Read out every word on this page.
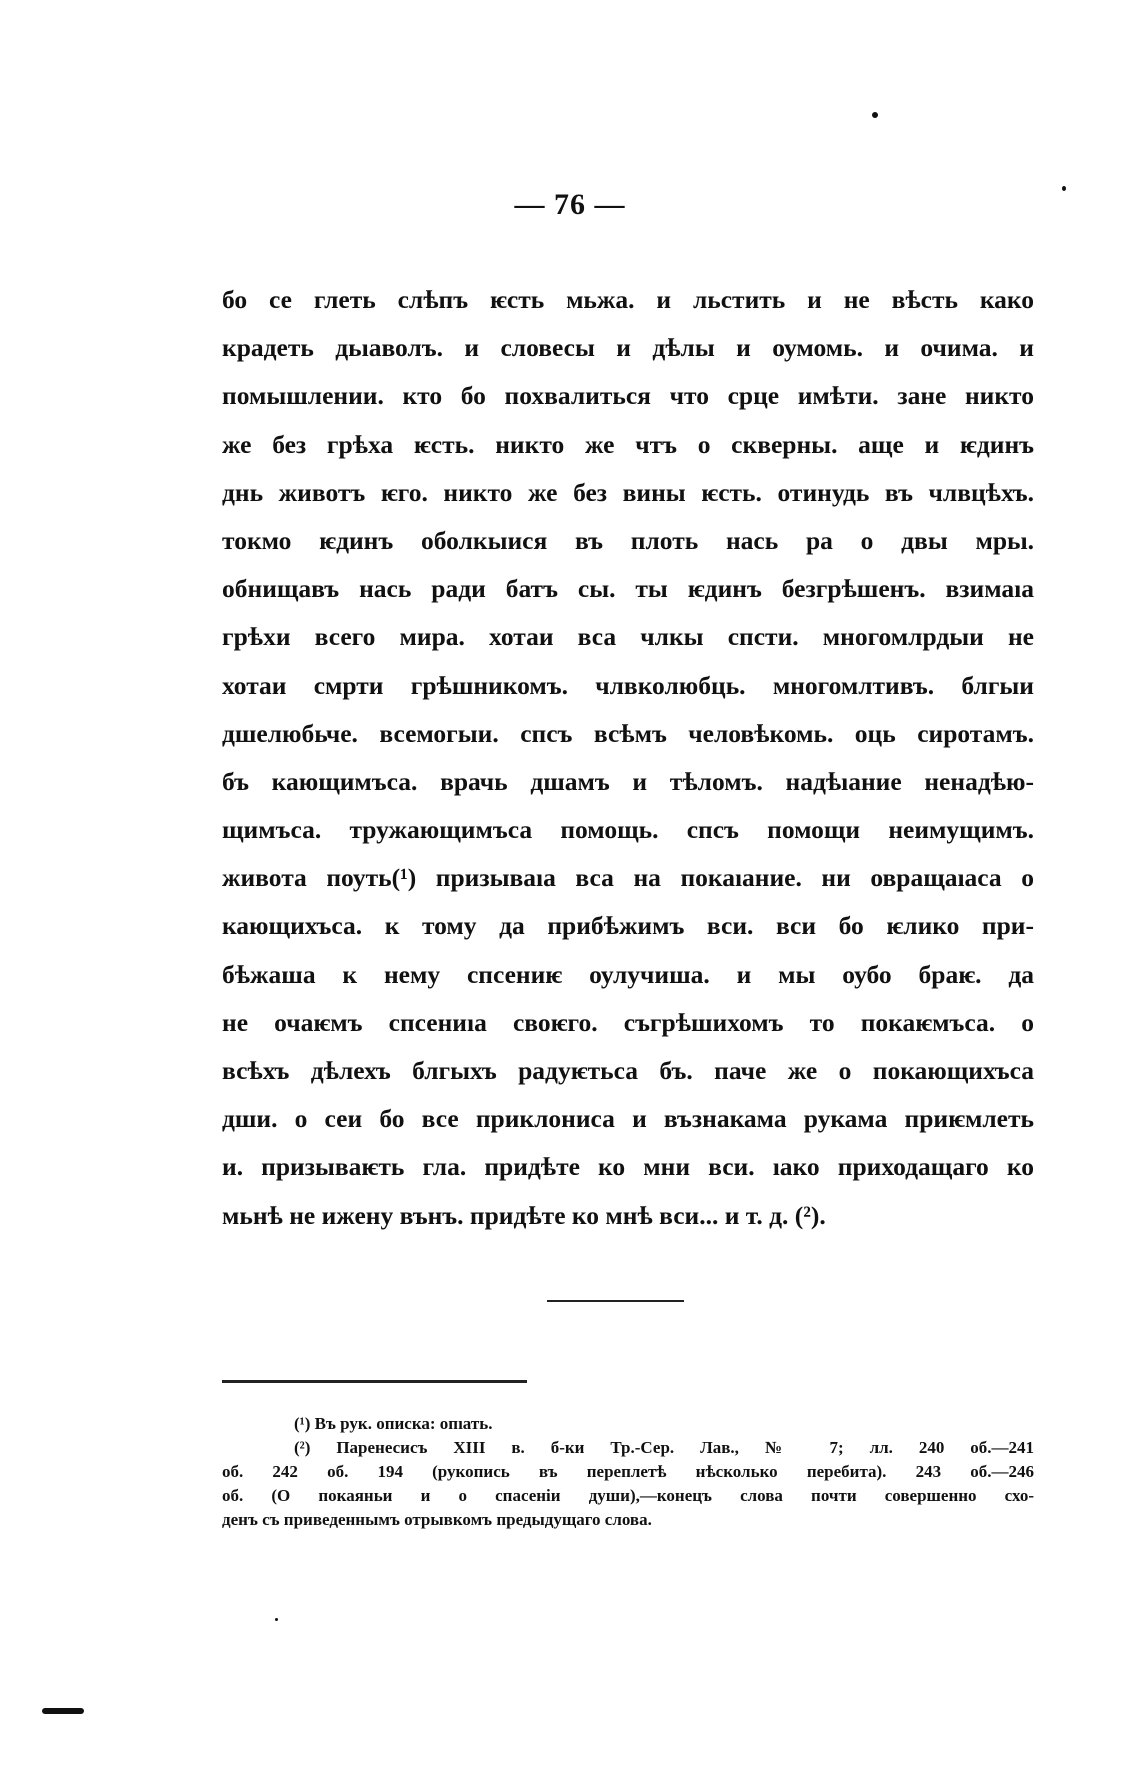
— 76 —
бо се глеть слѣпъ ѥсть мьжа. и льстить и не вѣсть како
крадеть дьıаволъ. и словесы и дѣлы и оумомь. и очима. и
помышлении. кто бо похвалиться что срце имѣти. зане никто
же без грѣха ѥсть. никто же чтъ о скверны. аще и ѥдинъ
днь животъ ѥго. никто же без вины ѥсть. отинудь въ члвцѣхъ.
токмо ѥдинъ оболкыися въ плоть нась ра о двы мрьı.
обнищавъ нась ради батъ сы. ты ѥдинъ безгрѣшенъ. взимаıа
грѣхи всего мира. хотаи вса члкы спсти. многомлрдыи не
хотаи смрти грѣшникомъ. члвколюбць. многомлтивъ. блгыи
дшелюбьче. всемогыи. спсъ всѣмъ человѣкомь. оць сиротамъ.
бъ кающимъса. врачь дшамъ и тѣломъ. надѣıание ненадѣю-
щимъса. тружающимъса помощь. спсъ помощи неимущимъ.
живота поуть(¹) призываıа вса на покаıание. ни овращаıаса о
кающихъса. к тому да прибѣжимъ вси. вси бо ѥлико при-
бѣжаша к нему спсениѥ оулучиша. и мы оубо браѥ. да
не очаѥмъ спсениıа своѥго. съгрѣшихомъ то покаѥмъса. о
всѣхъ дѣлехъ блгыхъ радуѥтьса бъ. паче же о покающихъса
дши. о сеи бо все приклониса и възнакама рукама приѥмлеть
и. призываѥть гла. придѣте ко мни вси. ıако приходащаго ко
мьнѣ не ижену вънъ. придѣте ко мнѣ вси... и т. д. (²).
(¹) Въ рук. описка: опıать.
(²) Паренесисъ XIII в. б-ки Тр.-Сер. Лав., № 7; лл. 240 об.—241
об. 242 об. 194 (рукопись въ переплетѣ нѣсколько перебита). 243 об.—246
об. (О покаяньи и о спасеніи души),—конецъ слова почти совершенно схо-
денъ съ приведеннымъ отрывкомъ предыдущаго слова.
